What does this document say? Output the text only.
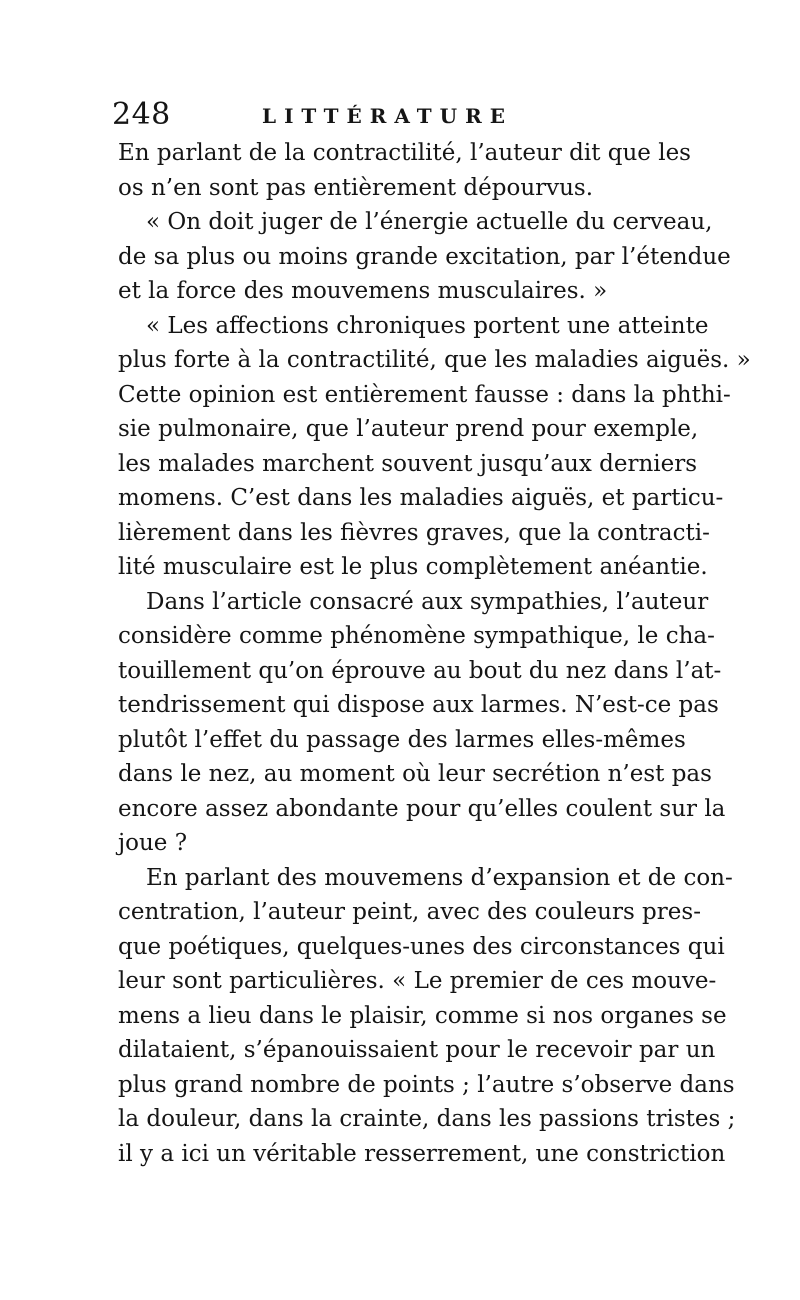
248	LITTÉRATURE
En parlant de la contractilité, l’auteur dit que les
os n’en sont pas entièrement dépourvus.
« On doit juger de l’énergie actuelle du cerveau,
de sa plus ou moins grande excitation, par l’étendue
et la force des mouvemens musculaires. »
« Les affections chroniques portent une atteinte
plus forte à la contractilité, que les maladies aiguës. »
Cette opinion est entièrement fausse : dans la phthi-
sie pulmonaire, que l’auteur prend pour exemple,
les malades marchent souvent jusqu’aux derniers
momens. C’est dans les maladies aiguës, et particu-
lièrement dans les fièvres graves, que la contracti-
lité musculaire est le plus complètement anéantie.
Dans l’article consacré aux sympathies, l’auteur
considère comme phénomène sympathique, le cha-
touillement qu’on éprouve au bout du nez dans l’at-
tendrissement qui dispose aux larmes. N’est-ce pas
plutôt l’effet du passage des larmes elles-mêmes
dans le nez, au moment où leur secrétion n’est pas
encore assez abondante pour qu’elles coulent sur la
joue ?
En parlant des mouvemens d’expansion et de con-
centration, l’auteur peint, avec des couleurs pres-
que poétiques, quelques-unes des circonstances qui
leur sont particulières. « Le premier de ces mouve-
mens a lieu dans le plaisir, comme si nos organes se
dilataient, s’épanouissaient pour le recevoir par un
plus grand nombre de points ; l’autre s’observe dans
la douleur, dans la crainte, dans les passions tristes ;
il y a ici un véritable resserrement, une constriction
